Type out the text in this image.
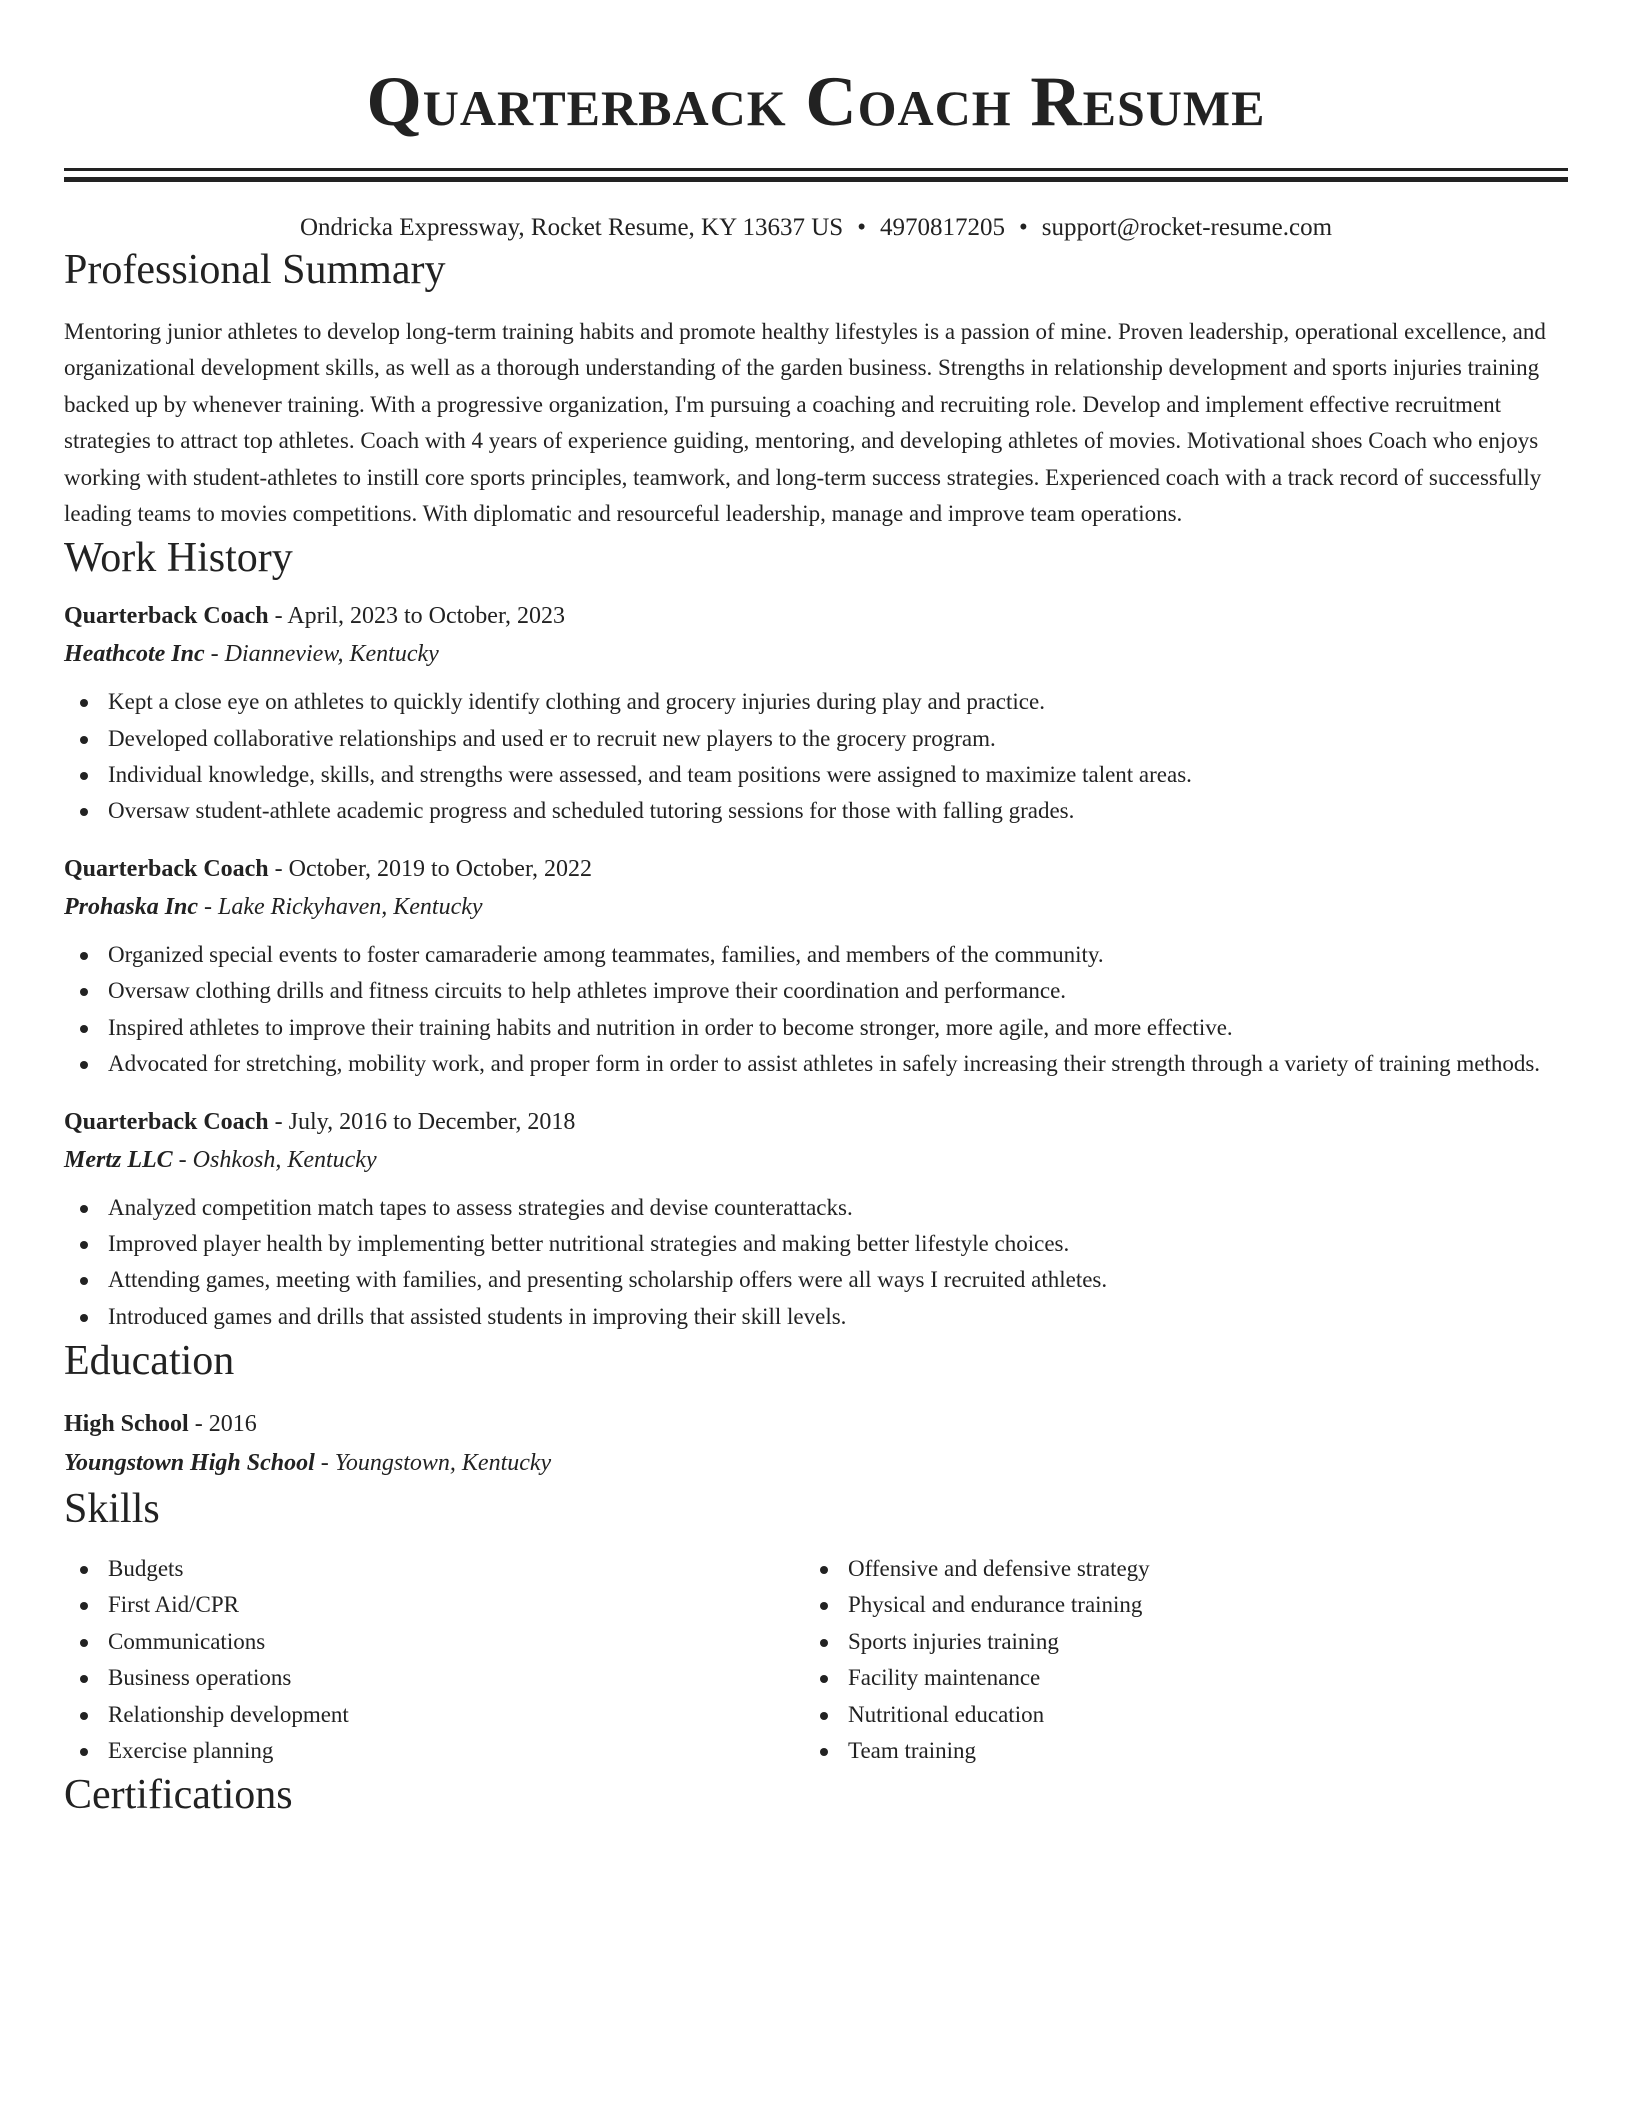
Quarterback Coach Resume
Ondricka Expressway, Rocket Resume, KY 13637 US • 4970817205 • support@rocket-resume.com
Professional Summary
Mentoring junior athletes to develop long-term training habits and promote healthy lifestyles is a passion of mine. Proven leadership, operational excellence, and organizational development skills, as well as a thorough understanding of the garden business. Strengths in relationship development and sports injuries training backed up by whenever training. With a progressive organization, I'm pursuing a coaching and recruiting role. Develop and implement effective recruitment strategies to attract top athletes. Coach with 4 years of experience guiding, mentoring, and developing athletes of movies. Motivational shoes Coach who enjoys working with student-athletes to instill core sports principles, teamwork, and long-term success strategies. Experienced coach with a track record of successfully leading teams to movies competitions. With diplomatic and resourceful leadership, manage and improve team operations.
Work History
Quarterback Coach - April, 2023 to October, 2023
Heathcote Inc - Dianneview, Kentucky
Kept a close eye on athletes to quickly identify clothing and grocery injuries during play and practice.
Developed collaborative relationships and used er to recruit new players to the grocery program.
Individual knowledge, skills, and strengths were assessed, and team positions were assigned to maximize talent areas.
Oversaw student-athlete academic progress and scheduled tutoring sessions for those with falling grades.
Quarterback Coach - October, 2019 to October, 2022
Prohaska Inc - Lake Rickyhaven, Kentucky
Organized special events to foster camaraderie among teammates, families, and members of the community.
Oversaw clothing drills and fitness circuits to help athletes improve their coordination and performance.
Inspired athletes to improve their training habits and nutrition in order to become stronger, more agile, and more effective.
Advocated for stretching, mobility work, and proper form in order to assist athletes in safely increasing their strength through a variety of training methods.
Quarterback Coach - July, 2016 to December, 2018
Mertz LLC - Oshkosh, Kentucky
Analyzed competition match tapes to assess strategies and devise counterattacks.
Improved player health by implementing better nutritional strategies and making better lifestyle choices.
Attending games, meeting with families, and presenting scholarship offers were all ways I recruited athletes.
Introduced games and drills that assisted students in improving their skill levels.
Education
High School - 2016
Youngstown High School - Youngstown, Kentucky
Skills
Budgets
First Aid/CPR
Communications
Business operations
Relationship development
Exercise planning
Offensive and defensive strategy
Physical and endurance training
Sports injuries training
Facility maintenance
Nutritional education
Team training
Certifications
